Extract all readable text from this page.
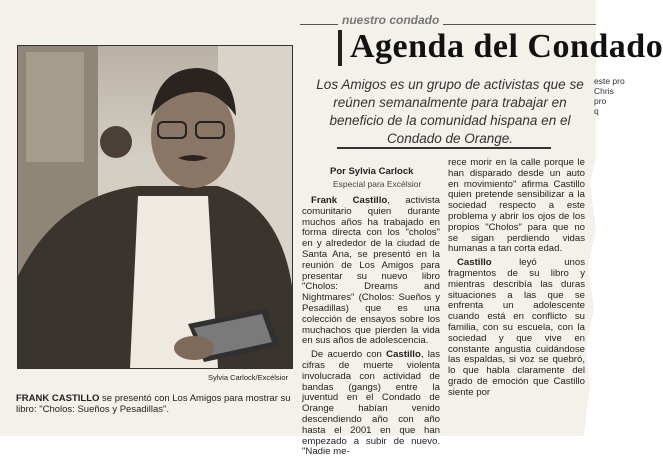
nuestro condado
Agenda del Condado
Los Amigos es un grupo de activistas que se reúnen semanalmente para trabajar en beneficio de la comunidad hispana en el Condado de Orange.
este pro
Chris
pro
q
Por Sylvia Carlock
Especial para Excélsior

Frank Castillo, activista comunitario quien durante muchos años ha trabajado en forma directa con los "cholos" en y alrededor de la ciudad de Santa Ana, se presentó en la reunión de Los Amigos para presentar su nuevo libro "Cholos: Dreams and Nightmares" (Cholos: Sueños y Pesadillas) que es una colección de ensayos sobre los muchachos que pierden la vida en sus años de adolescencia.

De acuerdo con Castillo, las cifras de muerte violenta involucrada con actividad de bandas (gangs) entre la juventud en el Condado de Orange habían venido descendiendo año con año hasta el 2001 en que han empezado a subir de nuevo. "Nadie me-

rece morir en la calle porque le han disparado desde un auto en movimiento" afirma Castillo quien pretende sensibilizar a la sociedad respecto a este problema y abrir los ojos de los propios "Cholos" para que no se sigan perdiendo vidas humanas a tan corta edad.

Castillo leyó unos fragmentos de su libro y mientras describía las duras situaciones a las que se enfrenta un adolescente cuando está en conflicto su familia, con su escuela, con la sociedad y que vive en constante angustia cuidándose las espaldas, si voz se quebró, lo que habla claramente del grado de emoción que Castillo siente por

Sylvia Carlock/Excélsior
FRANK CASTILLO se presentó con Los Amigos para mostrar su libro: "Cholos: Sueños y Pesadillas".
